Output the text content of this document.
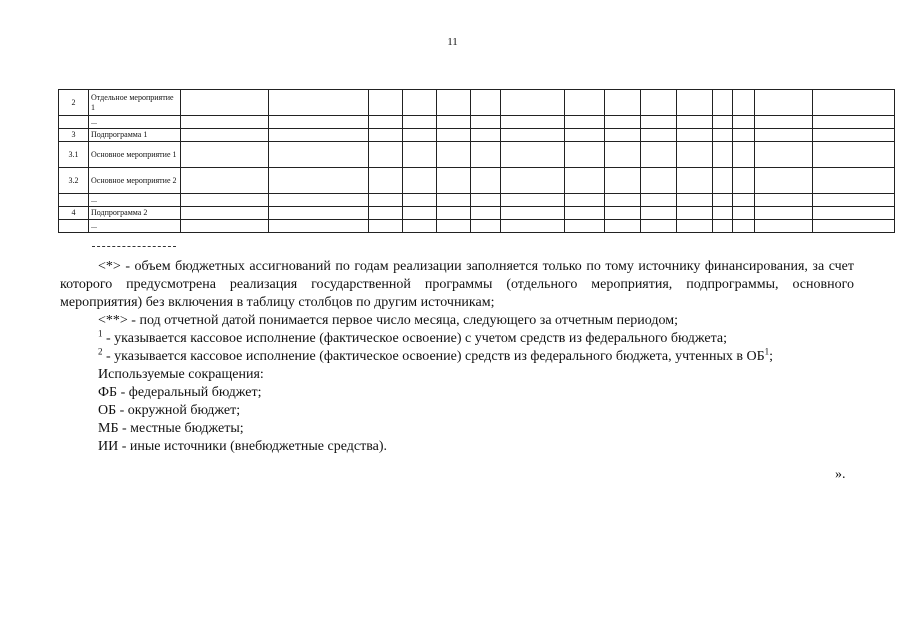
11
2	Отдельное мероприятие 1															
	...															
3	Подпрограмма 1															
3.1	Основное мероприятие 1															
3.2	Основное мероприятие 2															
	...															
4	Подпрограмма 2															
	...															

<*> - объем бюджетных ассигнований по годам реализации заполняется только по тому источнику финансирования, за счет которого предусмотрена реализация государственной программы (отдельного мероприятия, подпрограммы, основного мероприятия) без включения в таблицу столбцов по другим источникам;

<**> - под отчетной датой понимается первое число месяца, следующего за отчетным периодом;

$^1$ - указывается кассовое исполнение (фактическое освоение) с учетом средств из федерального бюджета;

$^2$ - указывается кассовое исполнение (фактическое освоение) средств из федерального бюджета, учтенных в $ОБ^1$;

Используемые сокращения:

ФБ - федеральный бюджет;

ОБ - окружной бюджет;

МБ - местные бюджеты;

ИИ - иные источники (внебюджетные средства).

».
